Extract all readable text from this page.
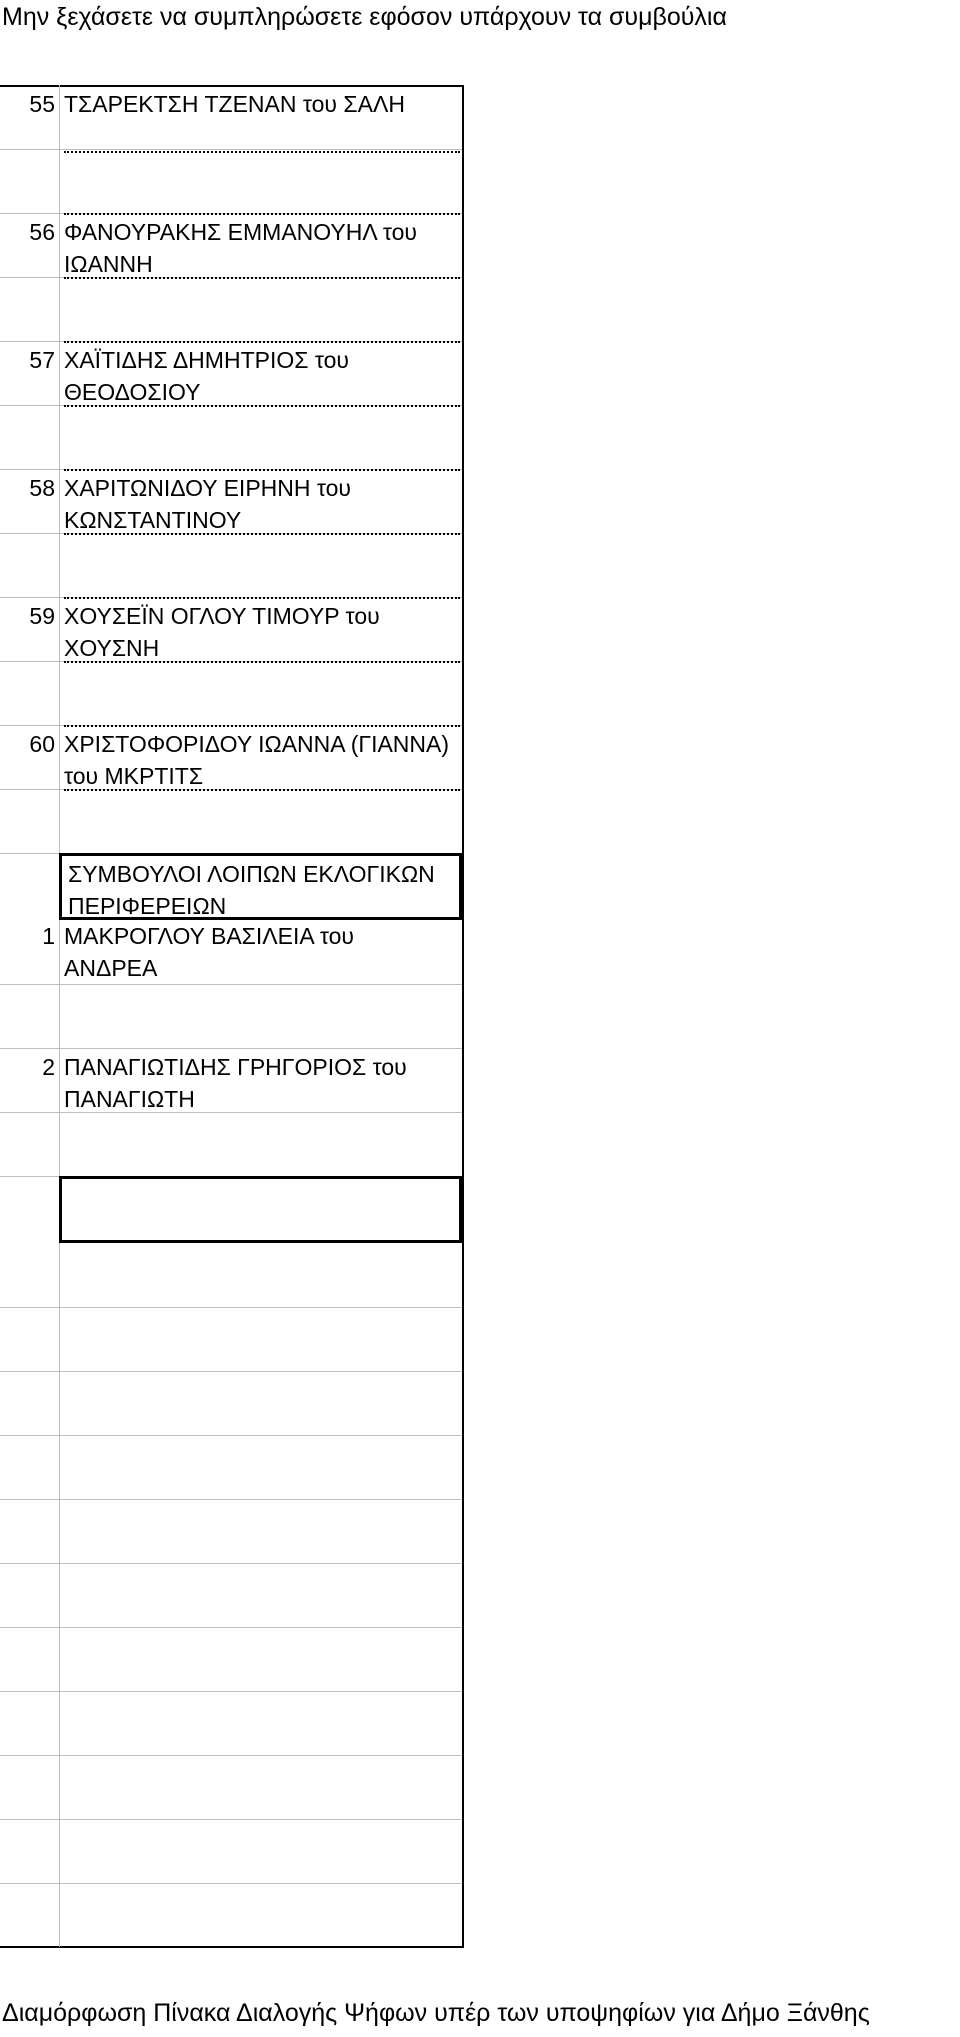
Μην ξεχάσετε να συμπληρώσετε εφόσον υπάρχουν τα συμβούλια
55 ΤΣΑΡΕΚΤΣΗ ΤΖΕΝΑΝ του ΣΑΛΗ
56 ΦΑΝΟΥΡΑΚΗΣ ΕΜΜΑΝΟΥΗΛ του
ΙΩΑΝΝΗ
57 ΧΑΪΤΙΔΗΣ ΔΗΜΗΤΡΙΟΣ του
ΘΕΟΔΟΣΙΟΥ
58 ΧΑΡΙΤΩΝΙΔΟΥ ΕΙΡΗΝΗ του
ΚΩΝΣΤΑΝΤΙΝΟΥ
59 ΧΟΥΣΕΪΝ ΟΓΛΟΥ ΤΙΜΟΥΡ του
ΧΟΥΣΝΗ
60 ΧΡΙΣΤΟΦΟΡΙΔΟΥ ΙΩΑΝΝΑ (ΓΙΑΝΝΑ)
του ΜΚΡΤΙΤΣ
ΣΥΜΒΟΥΛΟΙ ΛΟΙΠΩΝ ΕΚΛΟΓΙΚΩΝ
ΠΕΡΙΦΕΡΕΙΩΝ
1 ΜΑΚΡΟΓΛΟΥ ΒΑΣΙΛΕΙΑ του
ΑΝΔΡΕΑ
2 ΠΑΝΑΓΙΩΤΙΔΗΣ ΓΡΗΓΟΡΙΟΣ του
ΠΑΝΑΓΙΩΤΗ
Διαμόρφωση Πίνακα Διαλογής Ψήφων υπέρ των υποψηφίων για Δήμο Ξάνθης
